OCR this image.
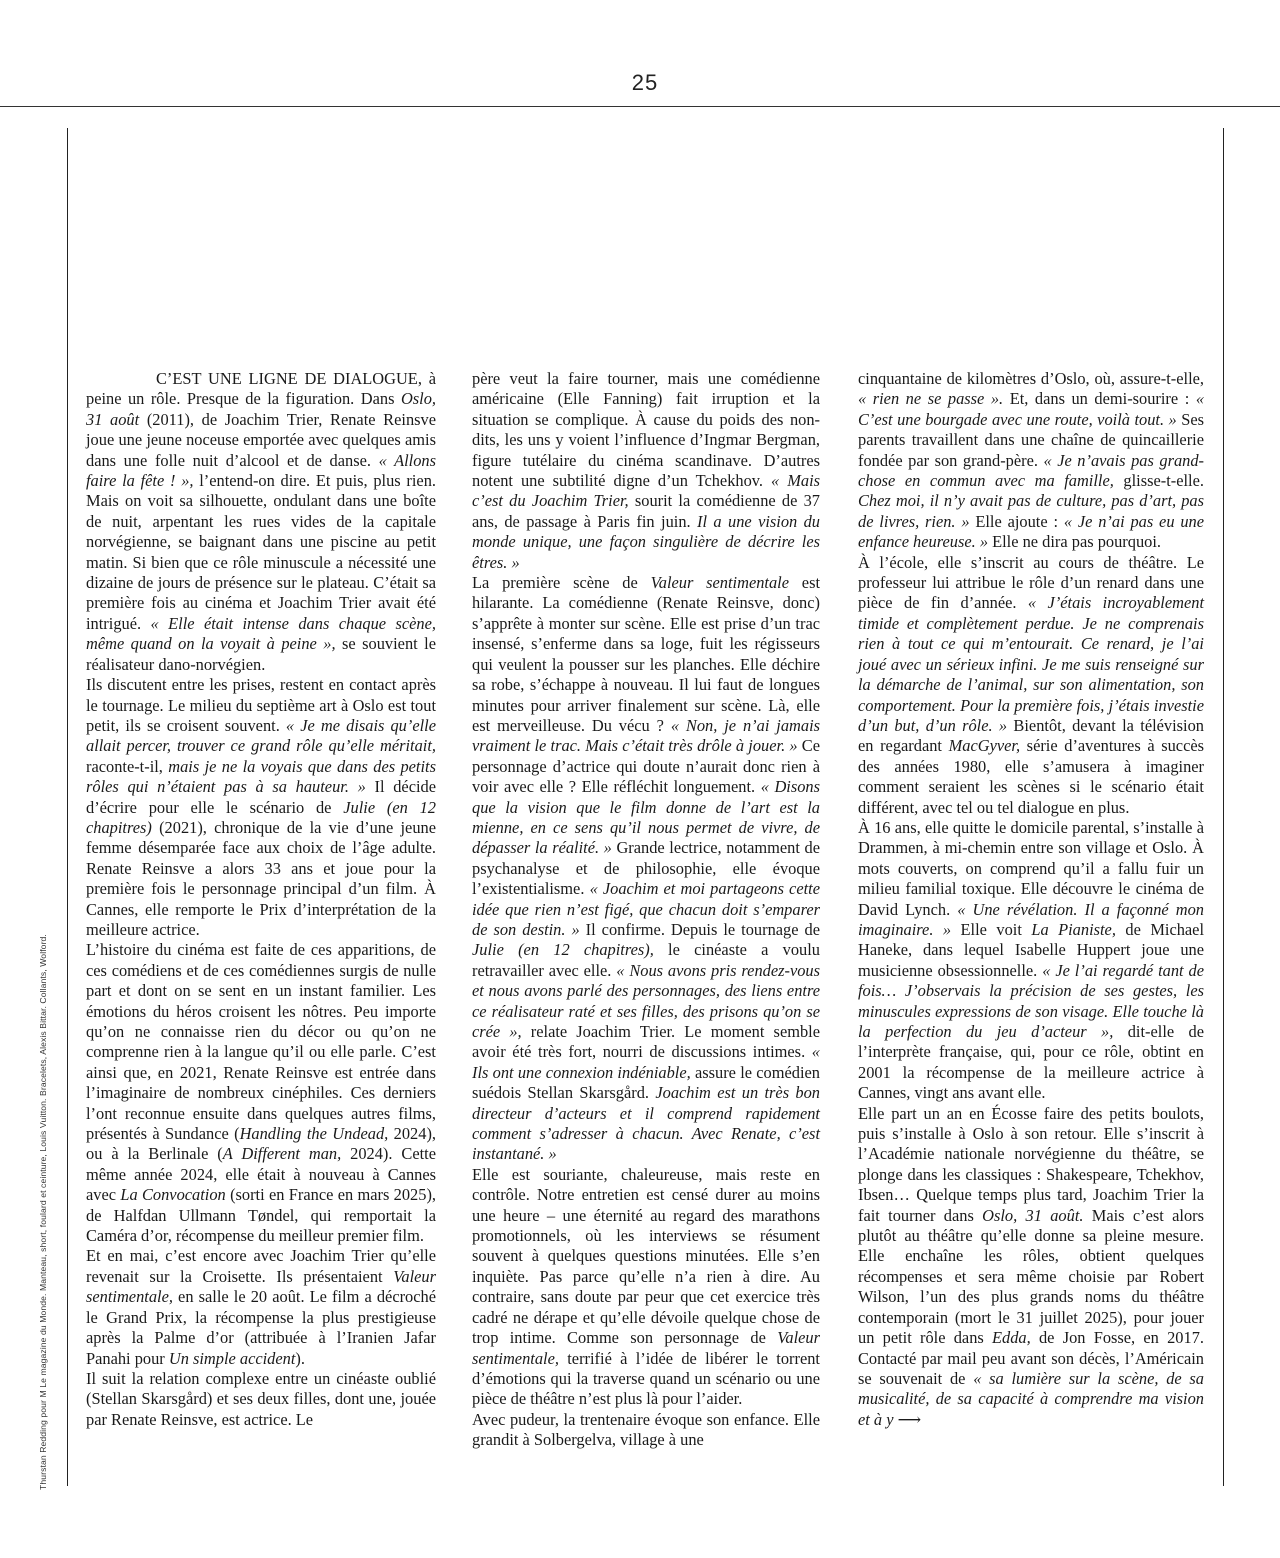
25
Thurstan Redding pour M Le magazine du Monde. Manteau, short, foulard et ceinture, Louis Vuitton. Bracelets, Alexis Bittar. Collants, Wolford.

C’EST UNE LIGNE DE DIALOGUE, à peine un rôle. Presque de la figuration. Dans Oslo, 31 août (2011), de Joachim Trier, Renate Reinsve joue une jeune noceuse emportée avec quelques amis dans une folle nuit d’alcool et de danse. « Allons faire la fête ! », l’entend-on dire. Et puis, plus rien. Mais on voit sa silhouette, ondulant dans une boîte de nuit, arpentant les rues vides de la capitale norvégienne, se baignant dans une piscine au petit matin. Si bien que ce rôle minuscule a nécessité une dizaine de jours de présence sur le plateau. C’était sa première fois au cinéma et Joachim Trier avait été intrigué. « Elle était intense dans chaque scène, même quand on la voyait à peine », se souvient le réalisateur dano-norvégien.

Ils discutent entre les prises, restent en contact après le tournage. Le milieu du septième art à Oslo est tout petit, ils se croisent souvent. « Je me disais qu’elle allait percer, trouver ce grand rôle qu’elle méritait, raconte-t-il, mais je ne la voyais que dans des petits rôles qui n’étaient pas à sa hauteur. » Il décide d’écrire pour elle le scénario de Julie (en 12 chapitres) (2021), chronique de la vie d’une jeune femme désemparée face aux choix de l’âge adulte. Renate Reinsve a alors 33 ans et joue pour la première fois le personnage principal d’un film. À Cannes, elle remporte le Prix d’interprétation de la meilleure actrice.

L’histoire du cinéma est faite de ces apparitions, de ces comédiens et de ces comédiennes surgis de nulle part et dont on se sent en un instant familier. Les émotions du héros croisent les nôtres. Peu importe qu’on ne connaisse rien du décor ou qu’on ne comprenne rien à la langue qu’il ou elle parle. C’est ainsi que, en 2021, Renate Reinsve est entrée dans l’imaginaire de nombreux cinéphiles. Ces derniers l’ont reconnue ensuite dans quelques autres films, présentés à Sundance (Handling the Undead, 2024), ou à la Berlinale (A Different man, 2024). Cette même année 2024, elle était à nouveau à Cannes avec La Convocation (sorti en France en mars 2025), de Halfdan Ullmann Tøndel, qui remportait la Caméra d’or, récompense du meilleur premier film.

Et en mai, c’est encore avec Joachim Trier qu’elle revenait sur la Croisette. Ils présentaient Valeur sentimentale, en salle le 20 août. Le film a décroché le Grand Prix, la récompense la plus prestigieuse après la Palme d’or (attribuée à l’Iranien Jafar Panahi pour Un simple accident).

Il suit la relation complexe entre un cinéaste oublié (Stellan Skarsgård) et ses deux filles, dont une, jouée par Renate Reinsve, est actrice. Le

père veut la faire tourner, mais une comédienne américaine (Elle Fanning) fait irruption et la situation se complique. À cause du poids des non-dits, les uns y voient l’influence d’Ingmar Bergman, figure tutélaire du cinéma scandinave. D’autres notent une subtilité digne d’un Tchekhov. « Mais c’est du Joachim Trier, sourit la comédienne de 37 ans, de passage à Paris fin juin. Il a une vision du monde unique, une façon singulière de décrire les êtres. »

La première scène de Valeur sentimentale est hilarante. La comédienne (Renate Reinsve, donc) s’apprête à monter sur scène. Elle est prise d’un trac insensé, s’enferme dans sa loge, fuit les régisseurs qui veulent la pousser sur les planches. Elle déchire sa robe, s’échappe à nouveau. Il lui faut de longues minutes pour arriver finalement sur scène. Là, elle est merveilleuse. Du vécu ? « Non, je n’ai jamais vraiment le trac. Mais c’était très drôle à jouer. » Ce personnage d’actrice qui doute n’aurait donc rien à voir avec elle ? Elle réfléchit longuement. « Disons que la vision que le film donne de l’art est la mienne, en ce sens qu’il nous permet de vivre, de dépasser la réalité. » Grande lectrice, notamment de psychanalyse et de philosophie, elle évoque l’existentialisme. « Joachim et moi partageons cette idée que rien n’est figé, que chacun doit s’emparer de son destin. » Il confirme. Depuis le tournage de Julie (en 12 chapitres), le cinéaste a voulu retravailler avec elle. « Nous avons pris rendez-vous et nous avons parlé des personnages, des liens entre ce réalisateur raté et ses filles, des prisons qu’on se crée », relate Joachim Trier. Le moment semble avoir été très fort, nourri de discussions intimes. « Ils ont une connexion indéniable, assure le comédien suédois Stellan Skarsgård. Joachim est un très bon directeur d’acteurs et il comprend rapidement comment s’adresser à chacun. Avec Renate, c’est instantané. »

Elle est souriante, chaleureuse, mais reste en contrôle. Notre entretien est censé durer au moins une heure – une éternité au regard des marathons promotionnels, où les interviews se résument souvent à quelques questions minutées. Elle s’en inquiète. Pas parce qu’elle n’a rien à dire. Au contraire, sans doute par peur que cet exercice très cadré ne dérape et qu’elle dévoile quelque chose de trop intime. Comme son personnage de Valeur sentimentale, terrifié à l’idée de libérer le torrent d’émotions qui la traverse quand un scénario ou une pièce de théâtre n’est plus là pour l’aider.

Avec pudeur, la trentenaire évoque son enfance. Elle grandit à Solbergelva, village à une

cinquantaine de kilomètres d’Oslo, où, assure-t-elle, « rien ne se passe ». Et, dans un demi-sourire : « C’est une bourgade avec une route, voilà tout. » Ses parents travaillent dans une chaîne de quincaillerie fondée par son grand-père. « Je n’avais pas grand-chose en commun avec ma famille, glisse-t-elle. Chez moi, il n’y avait pas de culture, pas d’art, pas de livres, rien. » Elle ajoute : « Je n’ai pas eu une enfance heureuse. » Elle ne dira pas pourquoi.

À l’école, elle s’inscrit au cours de théâtre. Le professeur lui attribue le rôle d’un renard dans une pièce de fin d’année. « J’étais incroyablement timide et complètement perdue. Je ne comprenais rien à tout ce qui m’entourait. Ce renard, je l’ai joué avec un sérieux infini. Je me suis renseigné sur la démarche de l’animal, sur son alimentation, son comportement. Pour la première fois, j’étais investie d’un but, d’un rôle. » Bientôt, devant la télévision en regardant MacGyver, série d’aventures à succès des années 1980, elle s’amusera à imaginer comment seraient les scènes si le scénario était différent, avec tel ou tel dialogue en plus.

À 16 ans, elle quitte le domicile parental, s’installe à Drammen, à mi-chemin entre son village et Oslo. À mots couverts, on comprend qu’il a fallu fuir un milieu familial toxique. Elle découvre le cinéma de David Lynch. « Une révélation. Il a façonné mon imaginaire. » Elle voit La Pianiste, de Michael Haneke, dans lequel Isabelle Huppert joue une musicienne obsessionnelle. « Je l’ai regardé tant de fois… J’observais la précision de ses gestes, les minuscules expressions de son visage. Elle touche là la perfection du jeu d’acteur », dit-elle de l’interprète française, qui, pour ce rôle, obtint en 2001 la récompense de la meilleure actrice à Cannes, vingt ans avant elle.

Elle part un an en Écosse faire des petits boulots, puis s’installe à Oslo à son retour. Elle s’inscrit à l’Académie nationale norvégienne du théâtre, se plonge dans les classiques : Shakespeare, Tchekhov, Ibsen… Quelque temps plus tard, Joachim Trier la fait tourner dans Oslo, 31 août. Mais c’est alors plutôt au théâtre qu’elle donne sa pleine mesure. Elle enchaîne les rôles, obtient quelques récompenses et sera même choisie par Robert Wilson, l’un des plus grands noms du théâtre contemporain (mort le 31 juillet 2025), pour jouer un petit rôle dans Edda, de Jon Fosse, en 2017. Contacté par mail peu avant son décès, l’Américain se souvenait de « sa lumière sur la scène, de sa musicalité, de sa capacité à comprendre ma vision et à y ⟶
